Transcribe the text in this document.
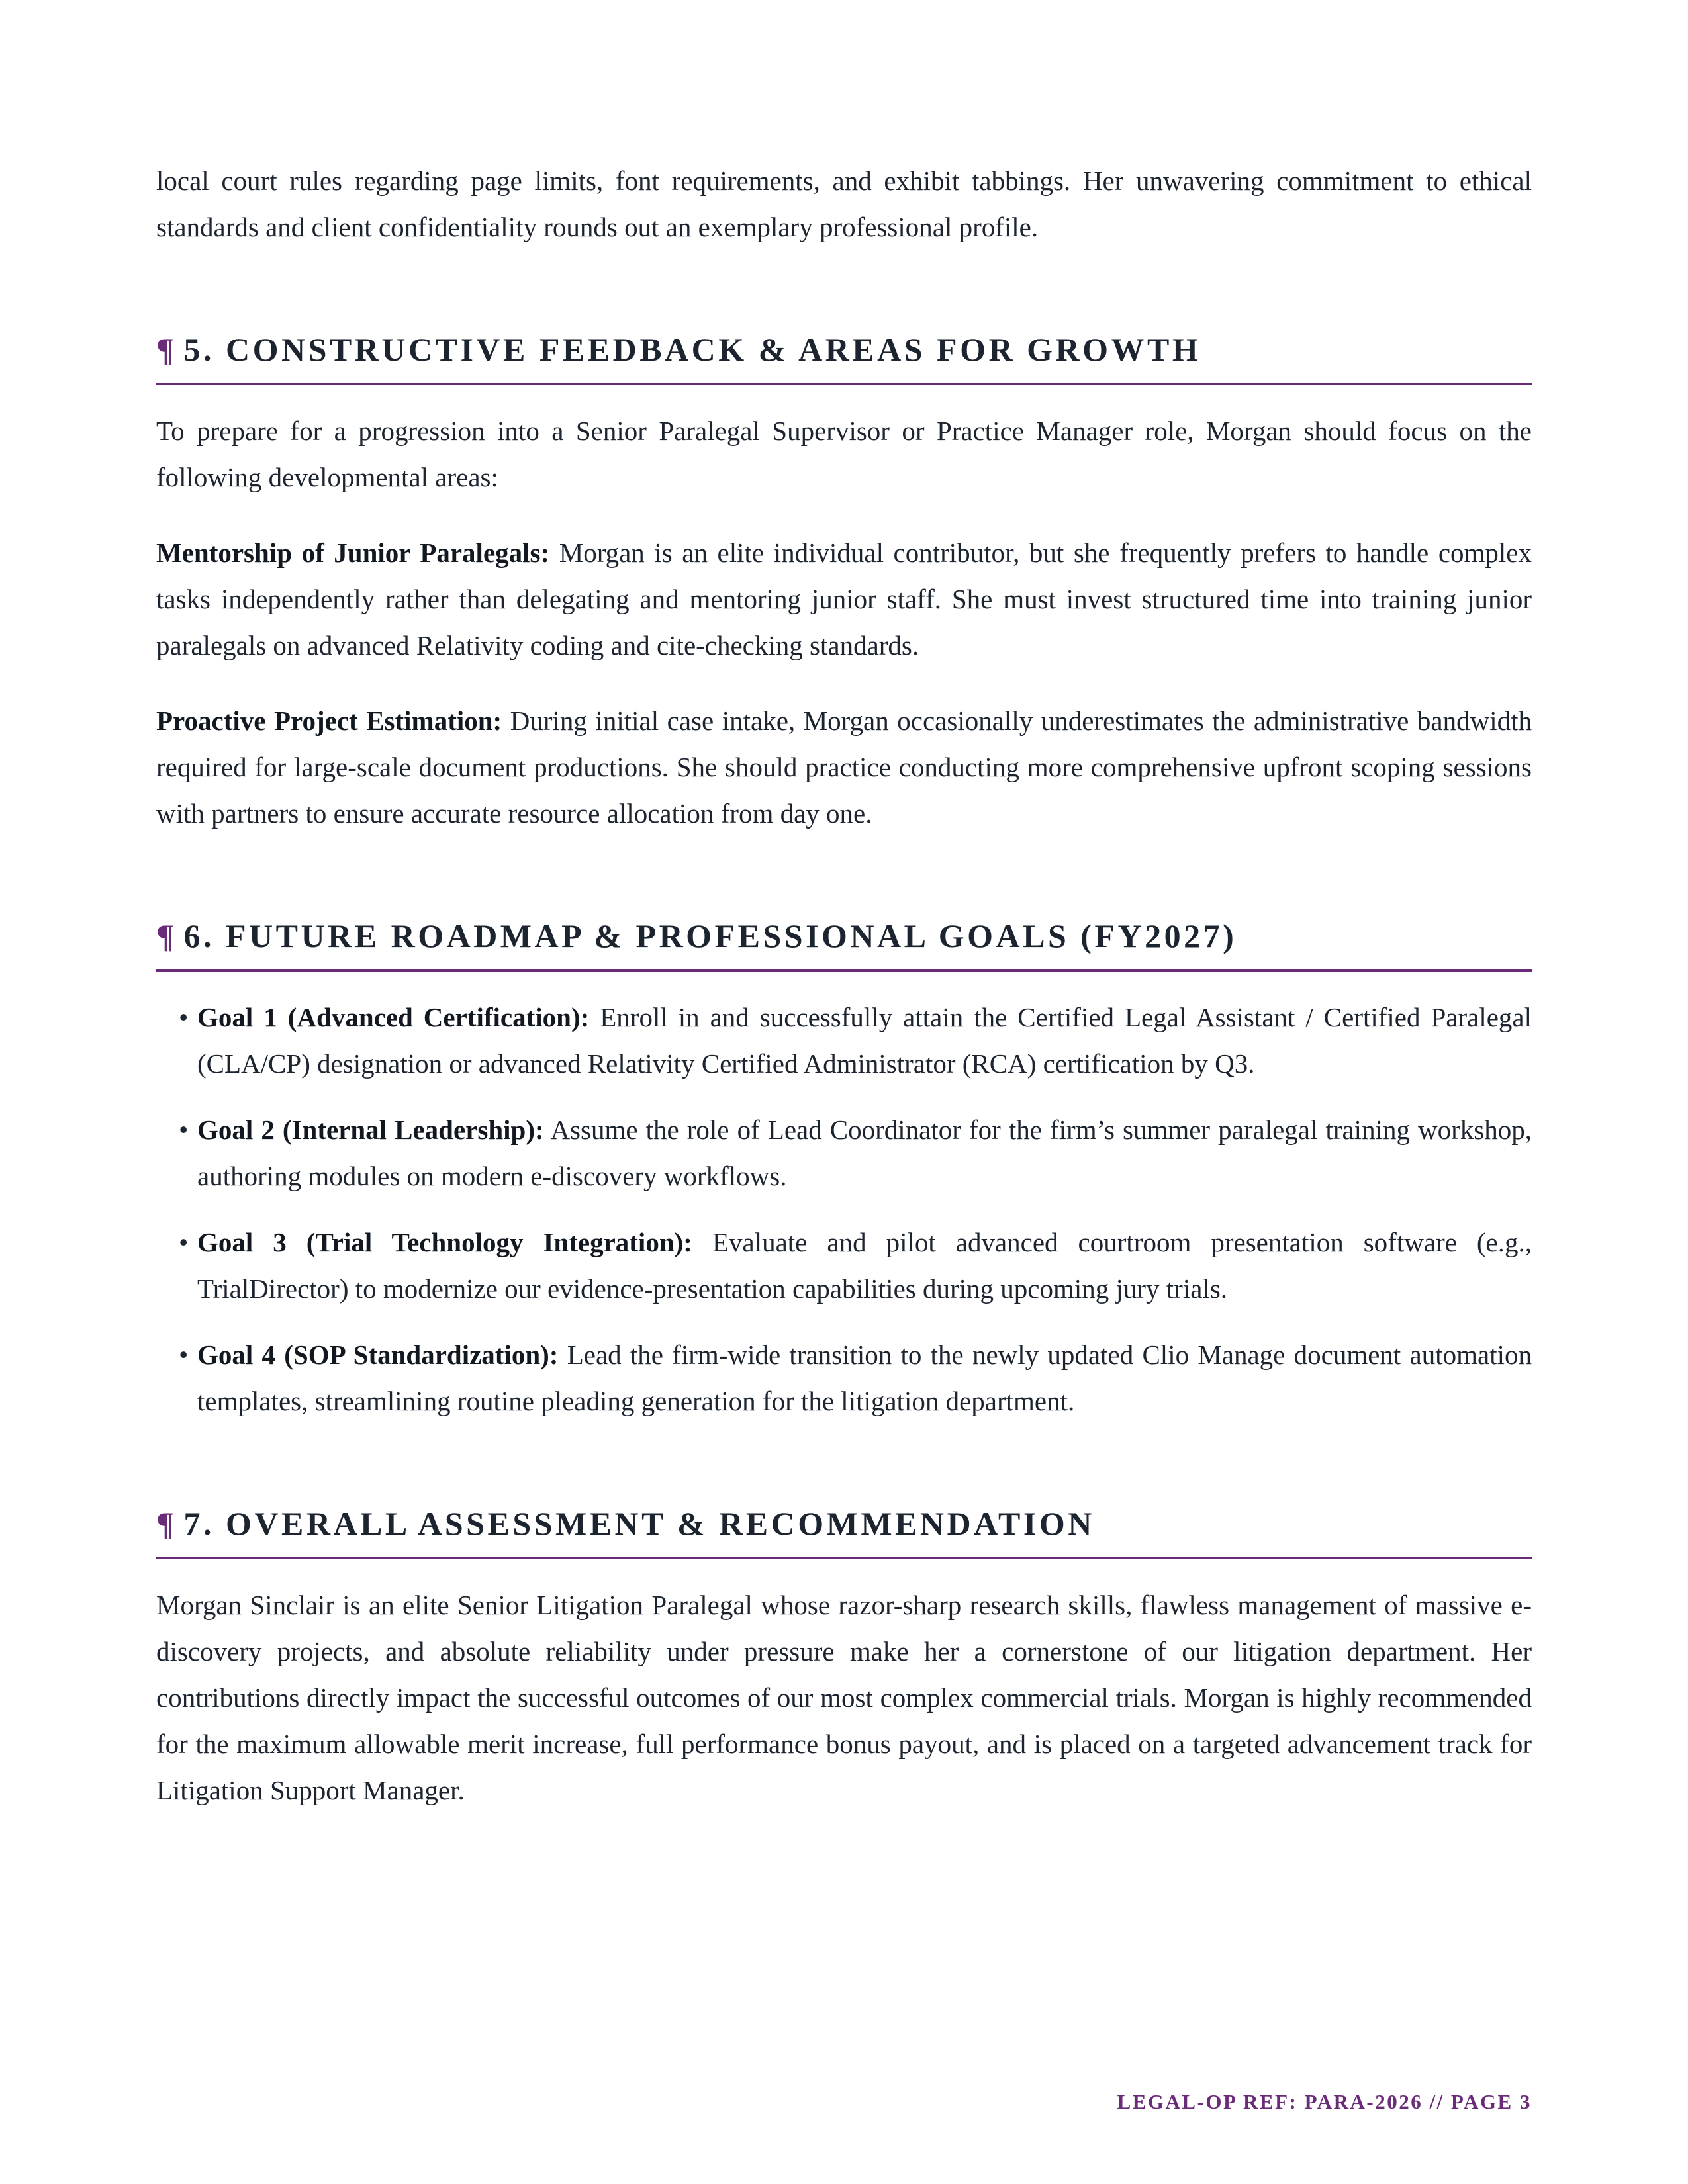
local court rules regarding page limits, font requirements, and exhibit tabbings. Her unwavering commitment to ethical standards and client confidentiality rounds out an exemplary professional profile.

¶ 5. CONSTRUCTIVE FEEDBACK & AREAS FOR GROWTH

To prepare for a progression into a Senior Paralegal Supervisor or Practice Manager role, Morgan should focus on the following developmental areas:

Mentorship of Junior Paralegals: Morgan is an elite individual contributor, but she frequently prefers to handle complex tasks independently rather than delegating and mentoring junior staff. She must invest structured time into training junior paralegals on advanced Relativity coding and cite-checking standards.

Proactive Project Estimation: During initial case intake, Morgan occasionally underestimates the administrative bandwidth required for large-scale document productions. She should practice conducting more comprehensive upfront scoping sessions with partners to ensure accurate resource allocation from day one.

¶ 6. FUTURE ROADMAP & PROFESSIONAL GOALS (FY2027)
• Goal 1 (Advanced Certification): Enroll in and successfully attain the Certified Legal Assistant / Certified Paralegal (CLA/CP) designation or advanced Relativity Certified Administrator (RCA) certification by Q3.
• Goal 2 (Internal Leadership): Assume the role of Lead Coordinator for the firm’s summer paralegal training workshop, authoring modules on modern e-discovery workflows.
• Goal 3 (Trial Technology Integration): Evaluate and pilot advanced courtroom presentation software (e.g., TrialDirector) to modernize our evidence-presentation capabilities during upcoming jury trials.
• Goal 4 (SOP Standardization): Lead the firm-wide transition to the newly updated Clio Manage document automation templates, streamlining routine pleading generation for the litigation department.
¶ 7. OVERALL ASSESSMENT & RECOMMENDATION

Morgan Sinclair is an elite Senior Litigation Paralegal whose razor-sharp research skills, flawless management of massive e-discovery projects, and absolute reliability under pressure make her a cornerstone of our litigation department. Her contributions directly impact the successful outcomes of our most complex commercial trials. Morgan is highly recommended for the maximum allowable merit increase, full performance bonus payout, and is placed on a targeted advancement track for Litigation Support Manager.

LEGAL-OP REF: PARA-2026 // PAGE 3
